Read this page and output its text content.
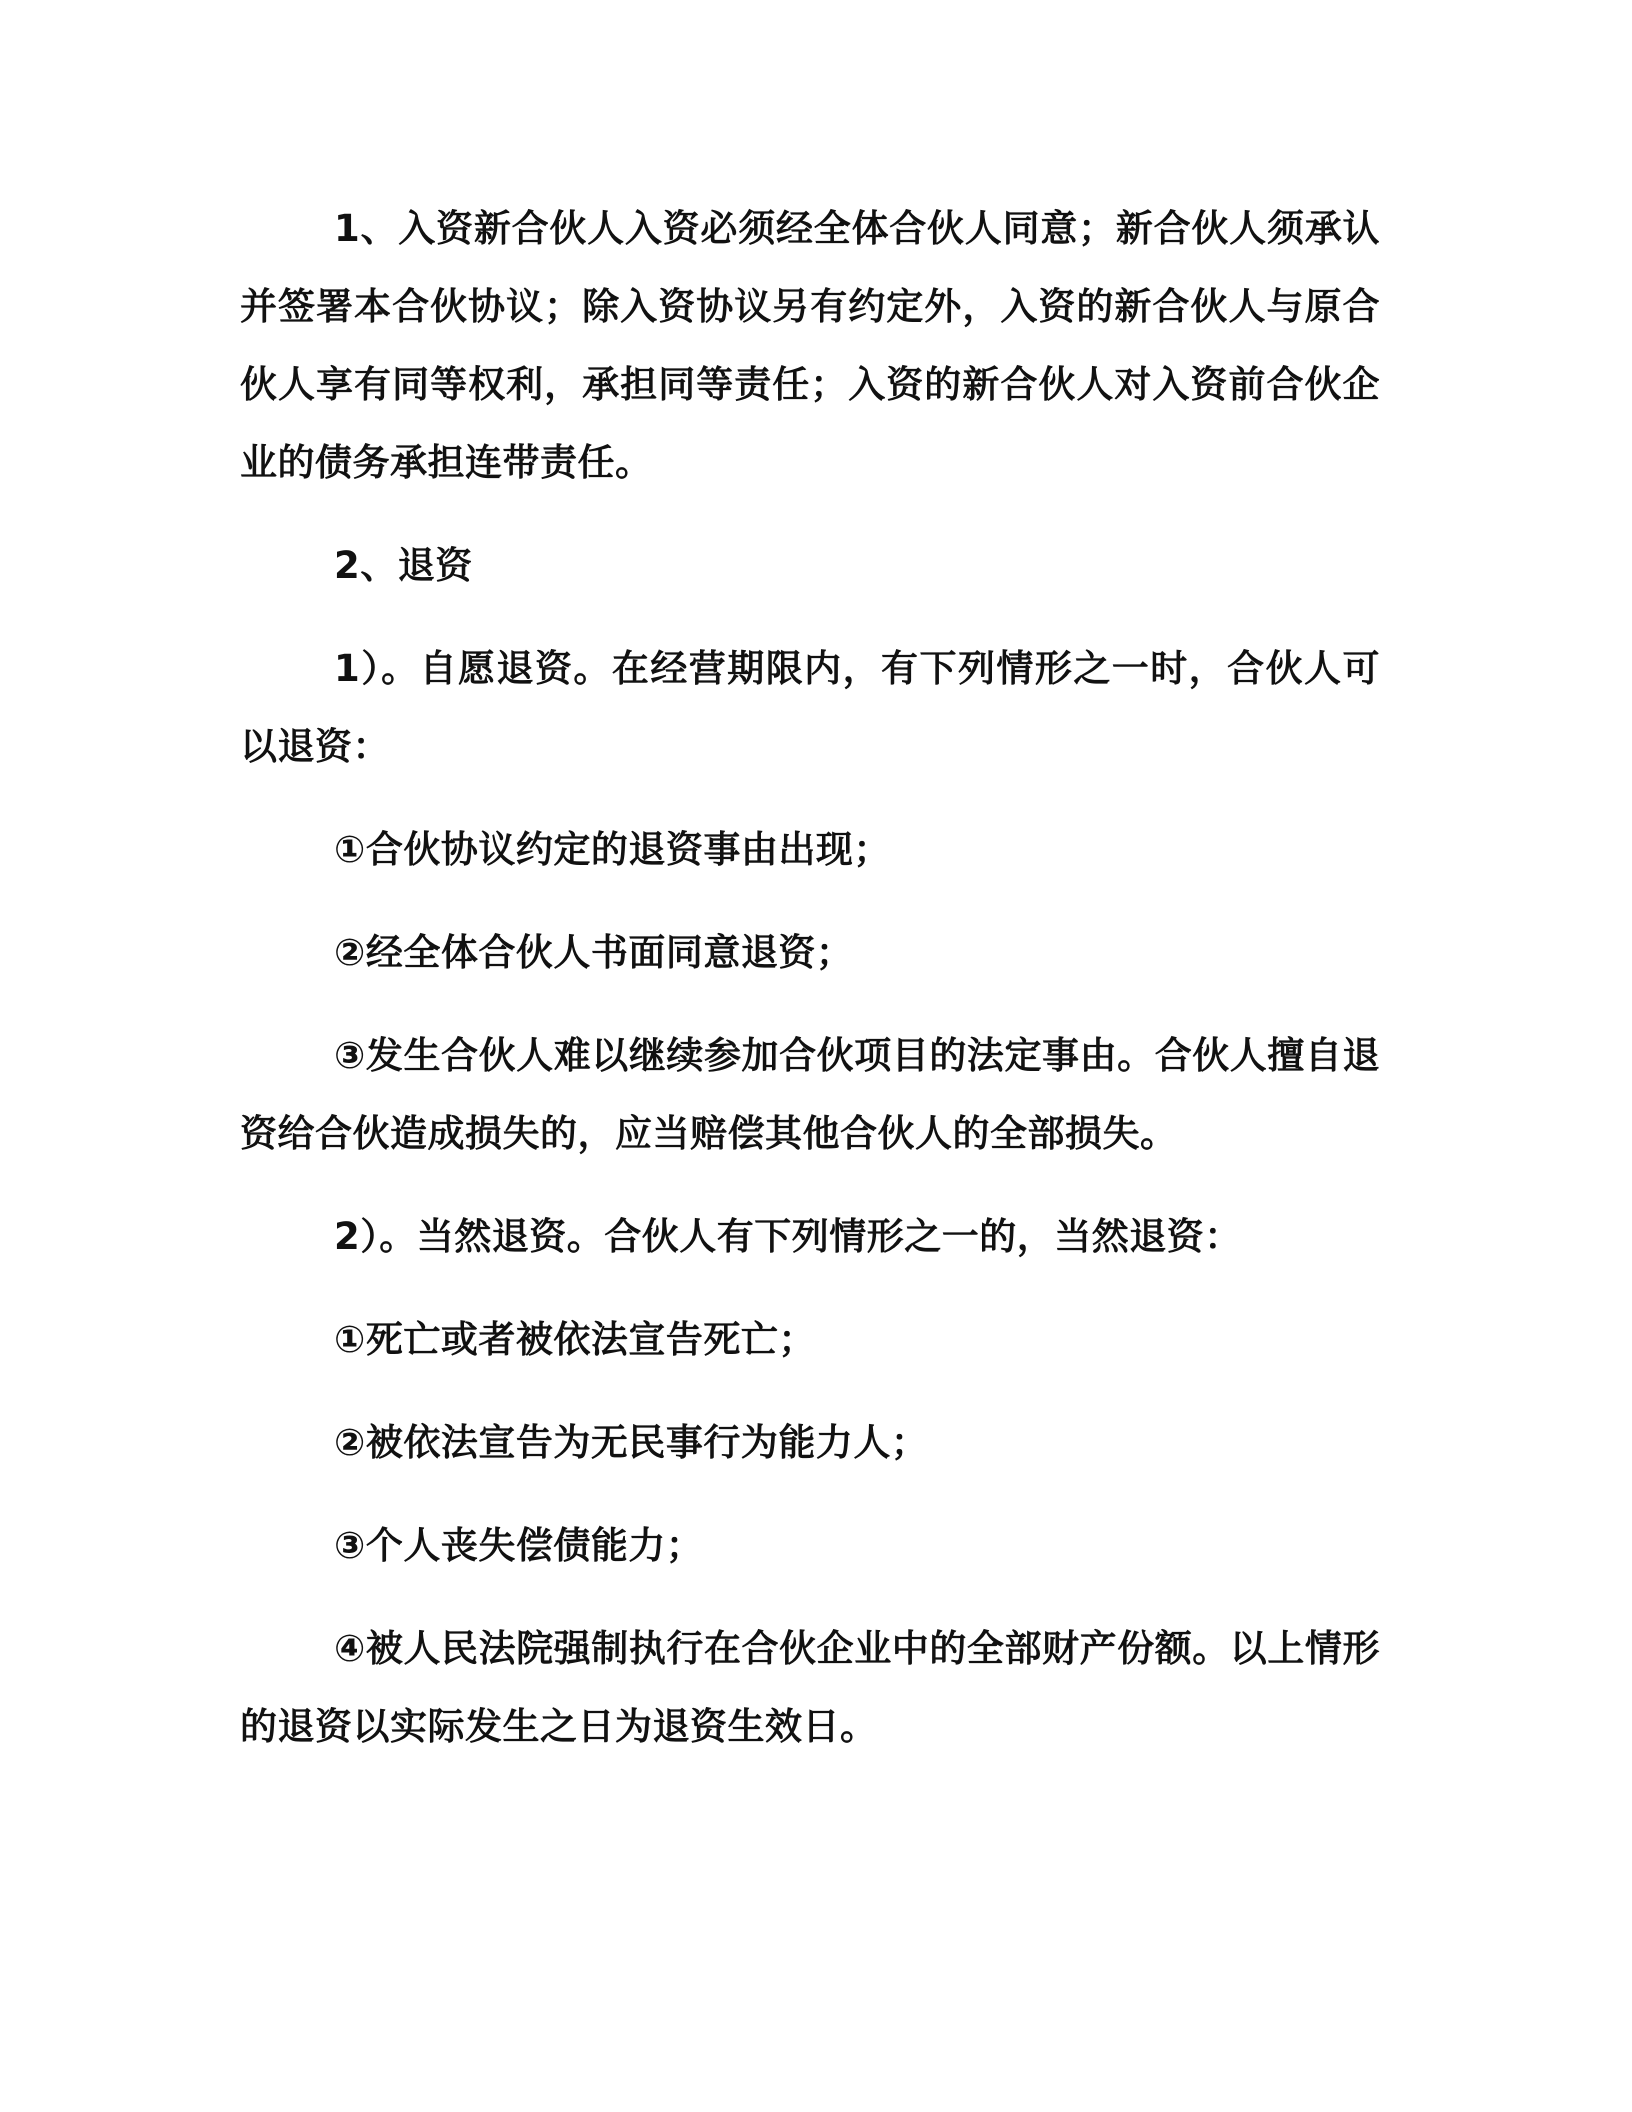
1、入资新合伙人入资必须经全体合伙人同意；新合伙人须承认并签署本合伙协议；除入资协议另有约定外，入资的新合伙人与原合伙人享有同等权利，承担同等责任；入资的新合伙人对入资前合伙企业的债务承担连带责任。

2、退资

1）。自愿退资。在经营期限内，有下列情形之一时，合伙人可以退资：

①合伙协议约定的退资事由出现；

②经全体合伙人书面同意退资；

③发生合伙人难以继续参加合伙项目的法定事由。合伙人擅自退资给合伙造成损失的，应当赔偿其他合伙人的全部损失。

2）。当然退资。合伙人有下列情形之一的，当然退资：

①死亡或者被依法宣告死亡；

②被依法宣告为无民事行为能力人；

③个人丧失偿债能力；

④被人民法院强制执行在合伙企业中的全部财产份额。以上情形的退资以实际发生之日为退资生效日。
